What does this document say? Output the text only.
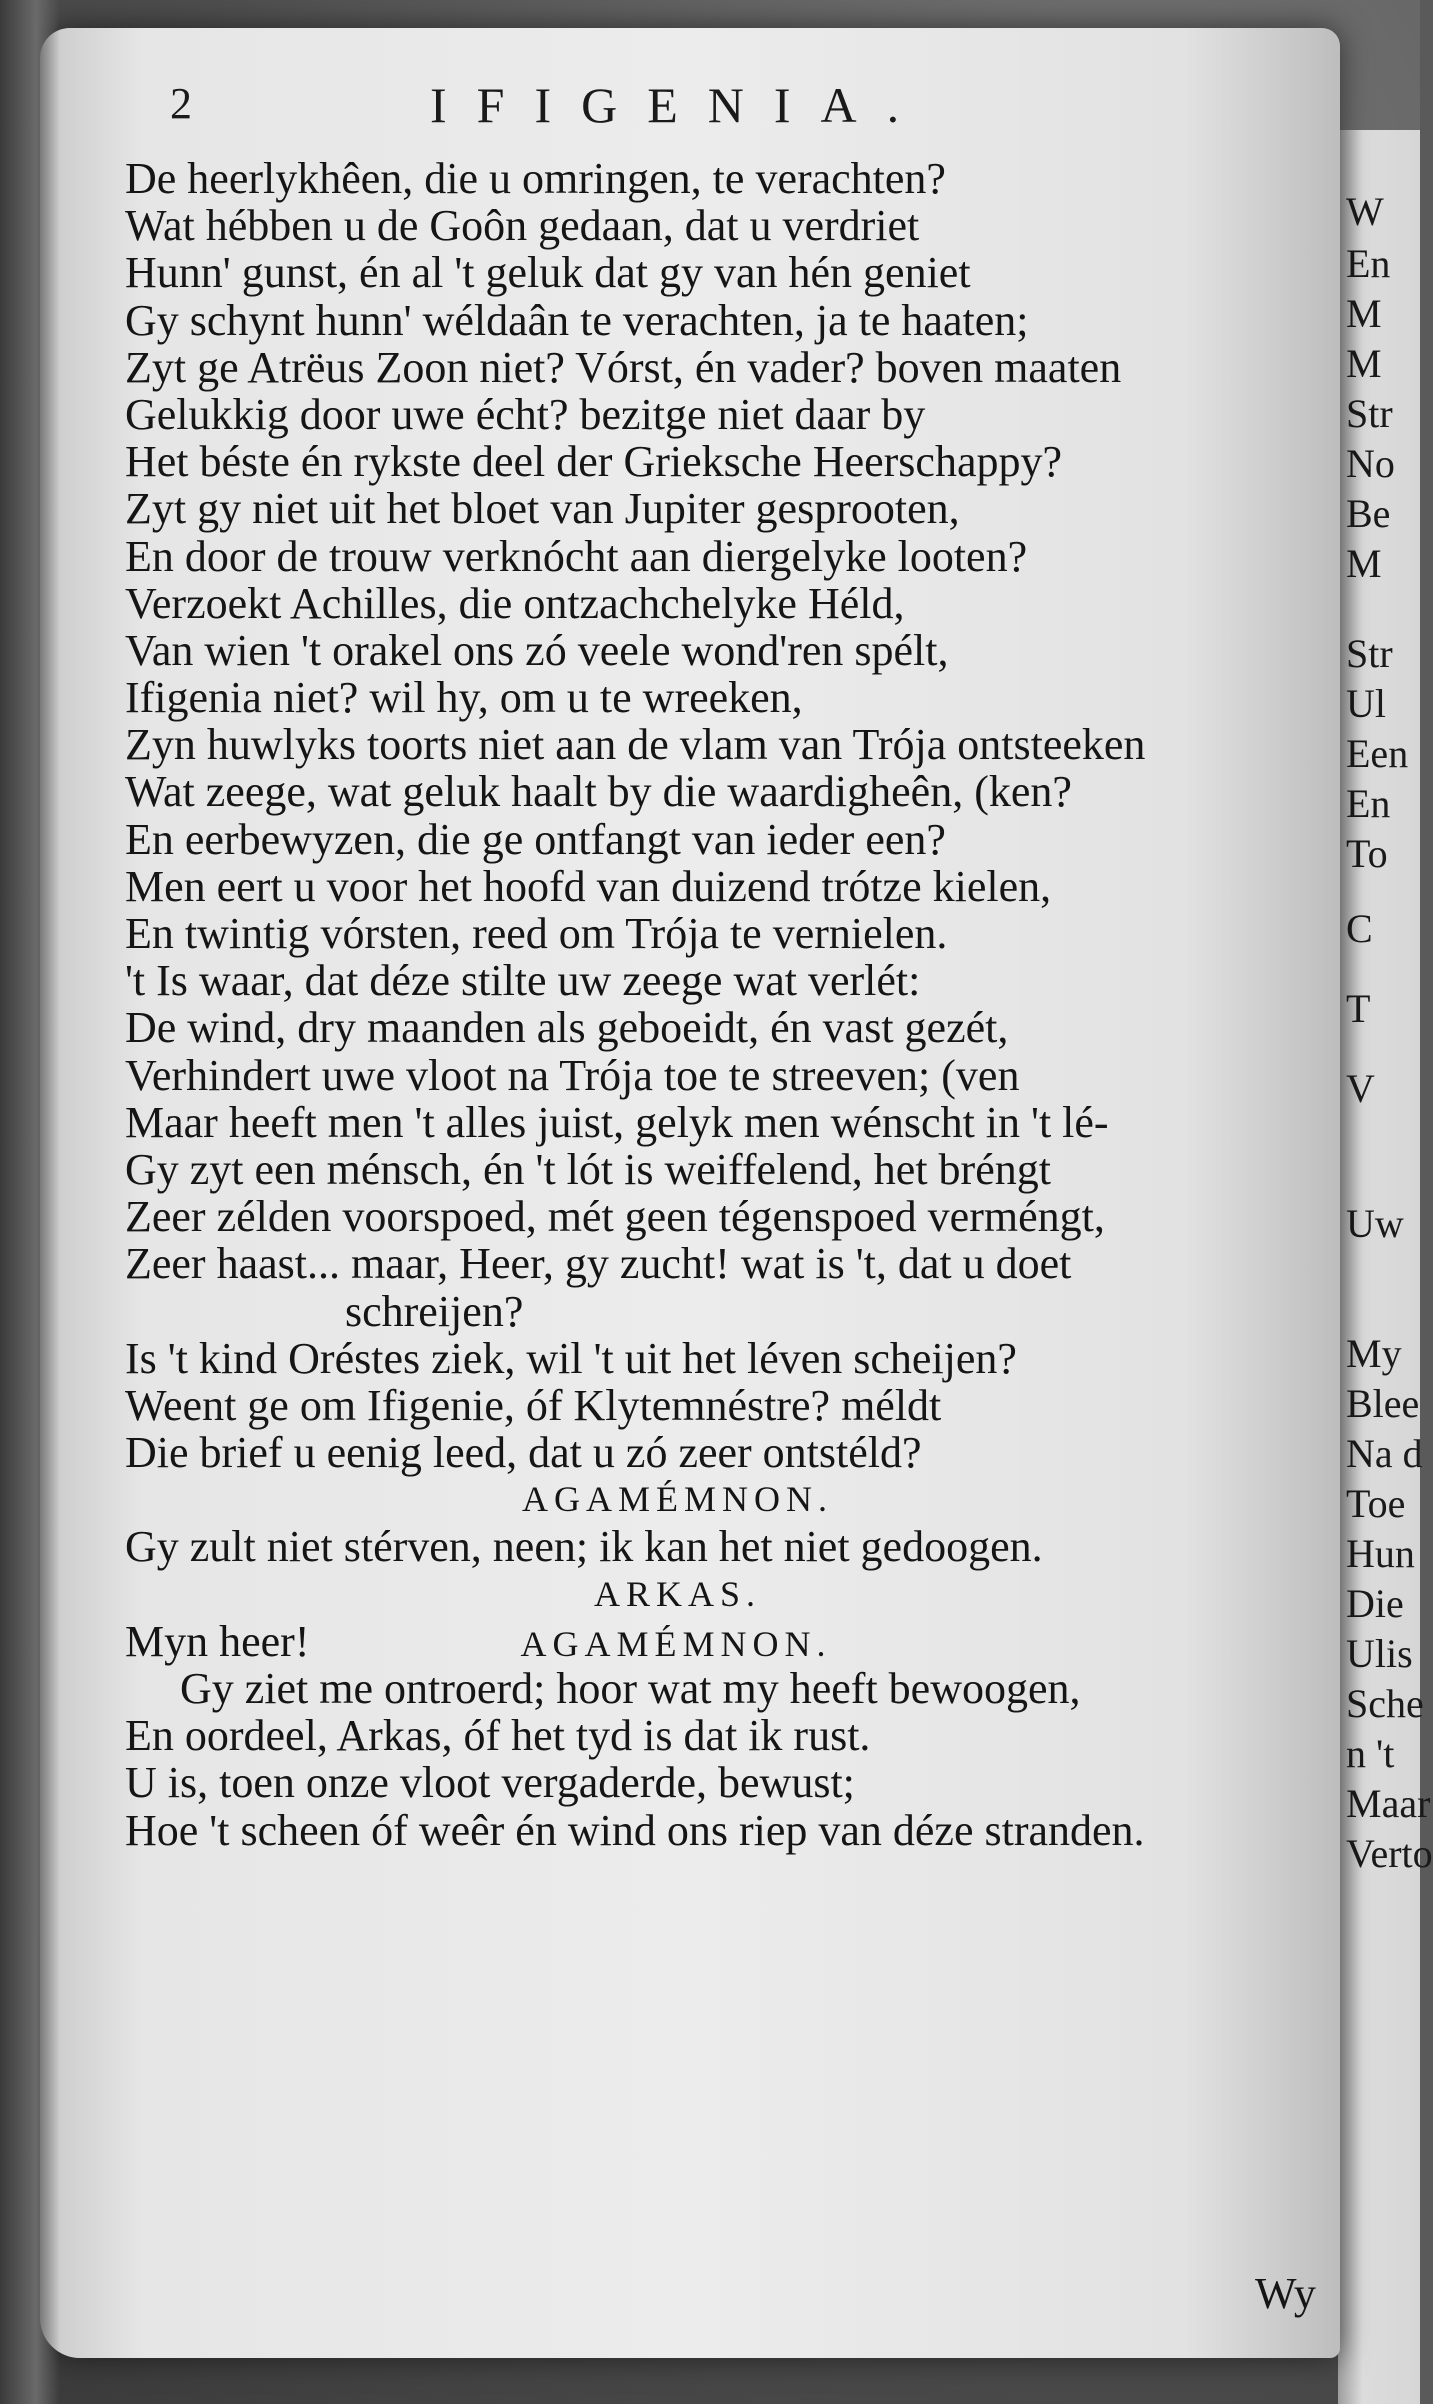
W
En
M
M
Str
No
Be
M
Str
Ul
Een
En
To
C
T
V
Uw
My
Blee
Na d
Toe
Hun
Die
Ulis
Sche
n 't
Maar
Verto
2	IFIGENIA.
De heerlykhêen, die u omringen, te verachten?
Wat hébben u de Goôn gedaan, dat u verdriet
Hunn' gunst, én al 't geluk dat gy van hén geniet
Gy schynt hunn' wéldaân te verachten, ja te haaten;
Zyt ge Atrëus Zoon niet? Vórst, én vader? boven maaten
Gelukkig door uwe écht? bezitge niet daar by
Het béste én rykste deel der Grieksche Heerschappy?
Zyt gy niet uit het bloet van Jupiter gesprooten,
En door de trouw verknócht aan diergelyke looten?
Verzoekt Achilles, die ontzachchelyke Héld,
Van wien 't orakel ons zó veele wond'ren spélt,
Ifigenia niet? wil hy, om u te wreeken,
Zyn huwlyks toorts niet aan de vlam van Trója ontsteeken
Wat zeege, wat geluk haalt by die waardigheên, (ken?
En eerbewyzen, die ge ontfangt van ieder een?
Men eert u voor het hoofd van duizend trótze kielen,
En twintig vórsten, reed om Trója te vernielen.
't Is waar, dat déze stilte uw zeege wat verlét:
De wind, dry maanden als geboeidt, én vast gezét,
Verhindert uwe vloot na Trója toe te streeven; (ven
Maar heeft men 't alles juist, gelyk men wénscht in 't lé-
Gy zyt een ménsch, én 't lót is weiffelend, het bréngt
Zeer zélden voorspoed, mét geen tégenspoed verméngt,
Zeer haast... maar, Heer, gy zucht! wat is 't, dat u doet
schreijen?
Is 't kind Oréstes ziek, wil 't uit het léven scheijen?
Weent ge om Ifigenie, óf Klytemnéstre? méldt
Die brief u eenig leed, dat u zó zeer ontstéld?
AGAMÉMNON.
Gy zult niet stérven, neen; ik kan het niet gedoogen.
ARKAS.
Myn heer!	AGAMÉMNON.
Gy ziet me ontroerd; hoor wat my heeft bewoogen,
En oordeel, Arkas, óf het tyd is dat ik rust.
U is, toen onze vloot vergaderde, bewust;
Hoe 't scheen óf weêr én wind ons riep van déze stranden.
Wy
